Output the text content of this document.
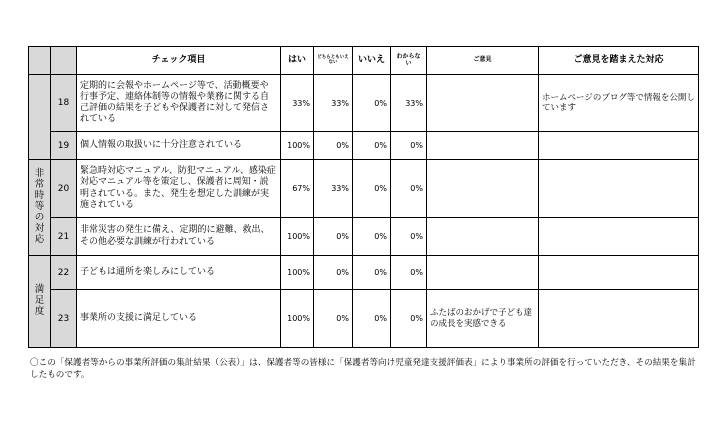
		チェック項目	はい	どちらともいえない	いいえ	わからない	ご意見	ご意見を踏まえた対応
	18	定期的に会報やホームページ等で、活動概要や行事予定、連絡体制等の情報や業務に関する自己評価の結果を子どもや保護者に対して発信されている	33%	33%	0%	33%		ホームページのブログ等で情報を公開しています
	19	個人情報の取扱いに十分注意されている	100%	0%	0%	0%		
非常時等の対応	20	緊急時対応マニュアル、防犯マニュアル、感染症対応マニュアル等を策定し、保護者に周知・説明されている。また、発生を想定した訓練が実施されている	67%	33%	0%	0%		
	21	非常災害の発生に備え、定期的に避難、救出、その他必要な訓練が行われている	100%	0%	0%	0%		
満足度	22	子どもは通所を楽しみにしている	100%	0%	0%	0%		
	23	事業所の支援に満足している	100%	0%	0%	0%	ふたばのおかげで子ども達の成長を実感できる	
〇この「保護者等からの事業所評価の集計結果（公表）」は、保護者等の皆様に「保護者等向け児童発達支援評価表」により事業所の評価を行っていただき、その結果を集計したものです。
